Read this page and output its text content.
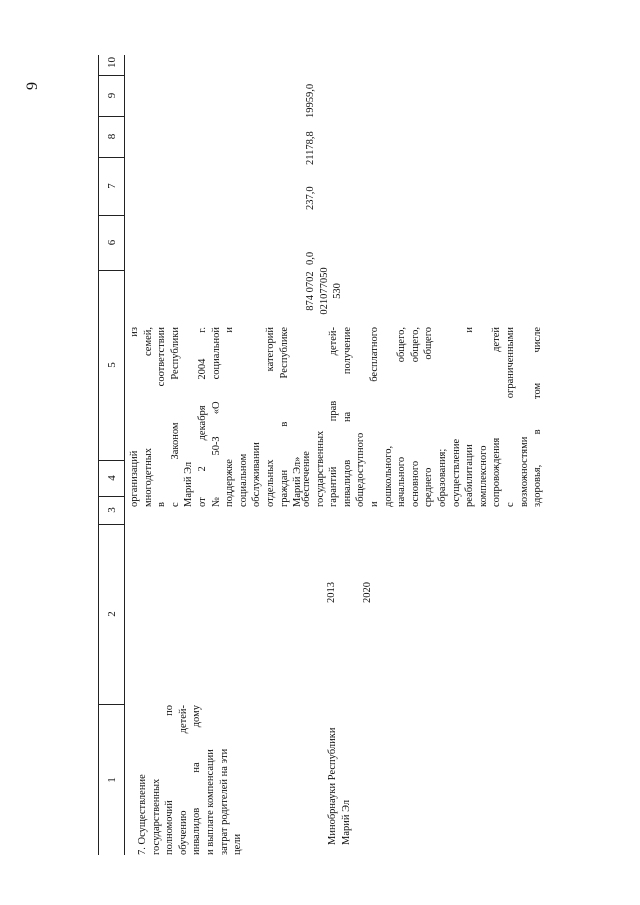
9
1
2
3
4
5
6
7
8
9
10
организаций из многодетных семей, в соответствии с Законом Республики Марий Эл от 2 декабря 2004 г. № 50-З «О социальной поддержке и социальном обслуживании отдельных категорий граждан в Республике Марий Эл»
7. Осуществление государственных полномочий по обучению детей- инвалидов на дому и выплате компенсации затрат родителей на эти цели	Минобрнауки Республики Марий Эл
2013 2020
обеспечение государственных гарантий прав детей- инвалидов на получение общедоступного и бесплатного дошкольного, начального общего, основного общего, среднего общего образования; осуществление реабилитации и комплексного сопровождения детей с ограниченными возможностями здоровья, в том числе
874 0702 021077050 530
0,0
237,0
21178,8
19959,0
